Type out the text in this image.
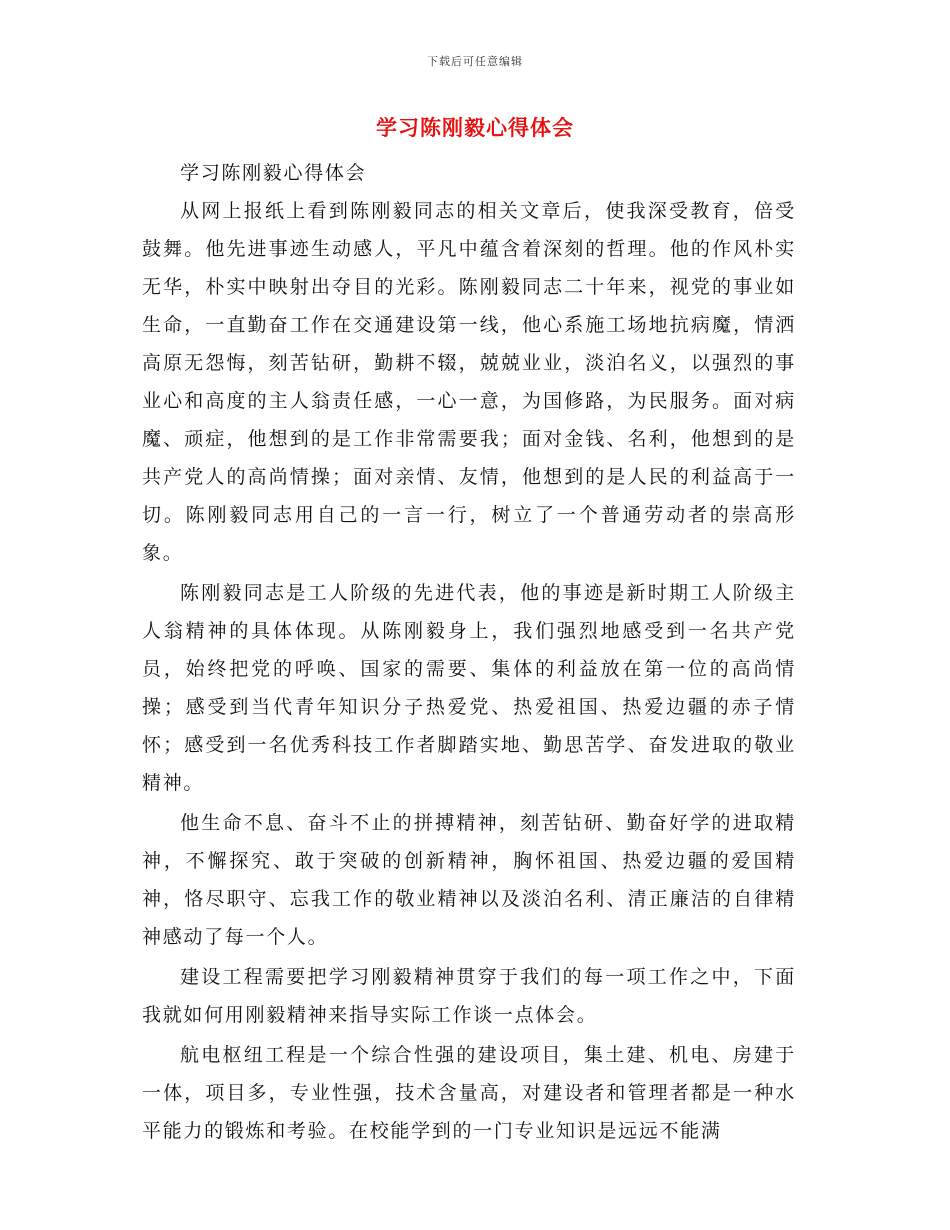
下载后可任意编辑
学习陈刚毅心得体会

学习陈刚毅心得体会

从网上报纸上看到陈刚毅同志的相关文章后，使我深受教育，倍受鼓舞。他先进事迹生动感人，平凡中蕴含着深刻的哲理。他的作风朴实无华，朴实中映射出夺目的光彩。陈刚毅同志二十年来，视党的事业如生命，一直勤奋工作在交通建设第一线，他心系施工场地抗病魔，情洒高原无怨悔，刻苦钻研，勤耕不辍，兢兢业业，淡泊名义，以强烈的事业心和高度的主人翁责任感，一心一意，为国修路，为民服务。面对病魔、顽症，他想到的是工作非常需要我；面对金钱、名利，他想到的是共产党人的高尚情操；面对亲情、友情，他想到的是人民的利益高于一切。陈刚毅同志用自己的一言一行，树立了一个普通劳动者的崇高形象。

陈刚毅同志是工人阶级的先进代表，他的事迹是新时期工人阶级主人翁精神的具体体现。从陈刚毅身上，我们强烈地感受到一名共产党员，始终把党的呼唤、国家的需要、集体的利益放在第一位的高尚情操；感受到当代青年知识分子热爱党、热爱祖国、热爱边疆的赤子情怀；感受到一名优秀科技工作者脚踏实地、勤思苦学、奋发进取的敬业精神。

他生命不息、奋斗不止的拼搏精神，刻苦钻研、勤奋好学的进取精神，不懈探究、敢于突破的创新精神，胸怀祖国、热爱边疆的爱国精神，恪尽职守、忘我工作的敬业精神以及淡泊名利、清正廉洁的自律精神感动了每一个人。

建设工程需要把学习刚毅精神贯穿于我们的每一项工作之中，下面我就如何用刚毅精神来指导实际工作谈一点体会。

航电枢纽工程是一个综合性强的建设项目，集土建、机电、房建于一体，项目多，专业性强，技术含量高，对建设者和管理者都是一种水平能力的锻炼和考验。在校能学到的一门专业知识是远远不能满
